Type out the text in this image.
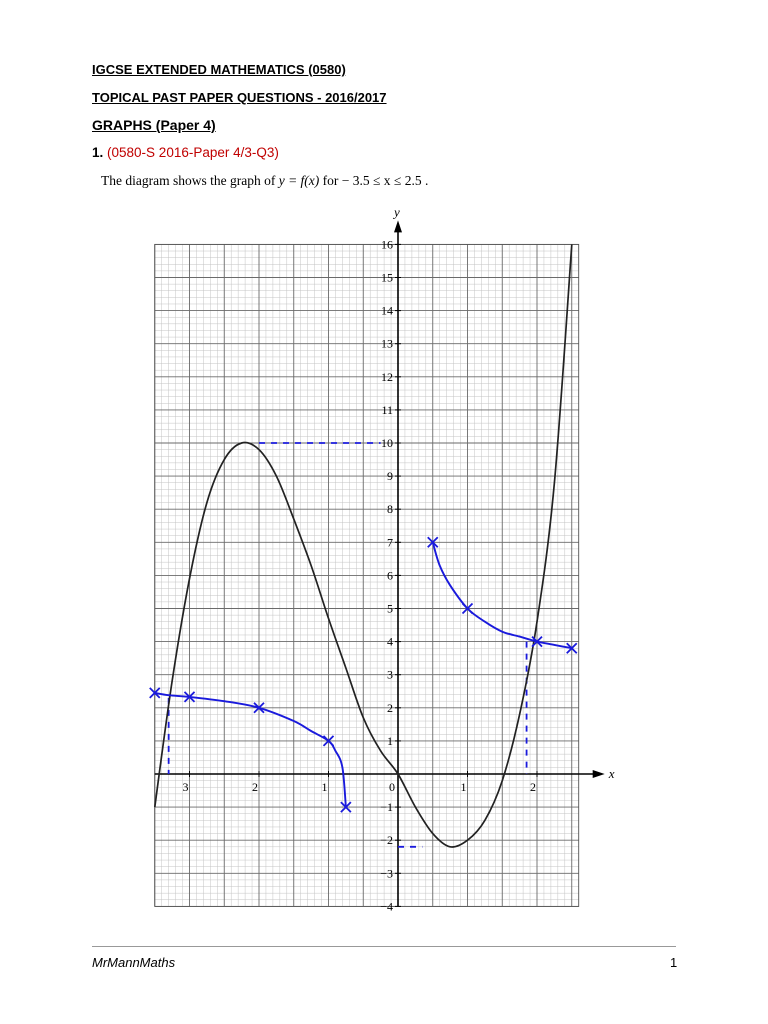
IGCSE EXTENDED MATHEMATICS (0580)
TOPICAL PAST PAPER QUESTIONS - 2016/2017
GRAPHS (Paper 4)
1. (0580-S 2016-Paper 4/3-Q3)
The diagram shows the graph of y = f(x) for − 3.5 ≤ x ≤ 2.5 .
3	2	1	0	1	2
−4
−3
−2
−1
1
2
3
4
5
6
7
8
9
10
11
12
13
14
15
16
x
y
MrMannMaths	1
